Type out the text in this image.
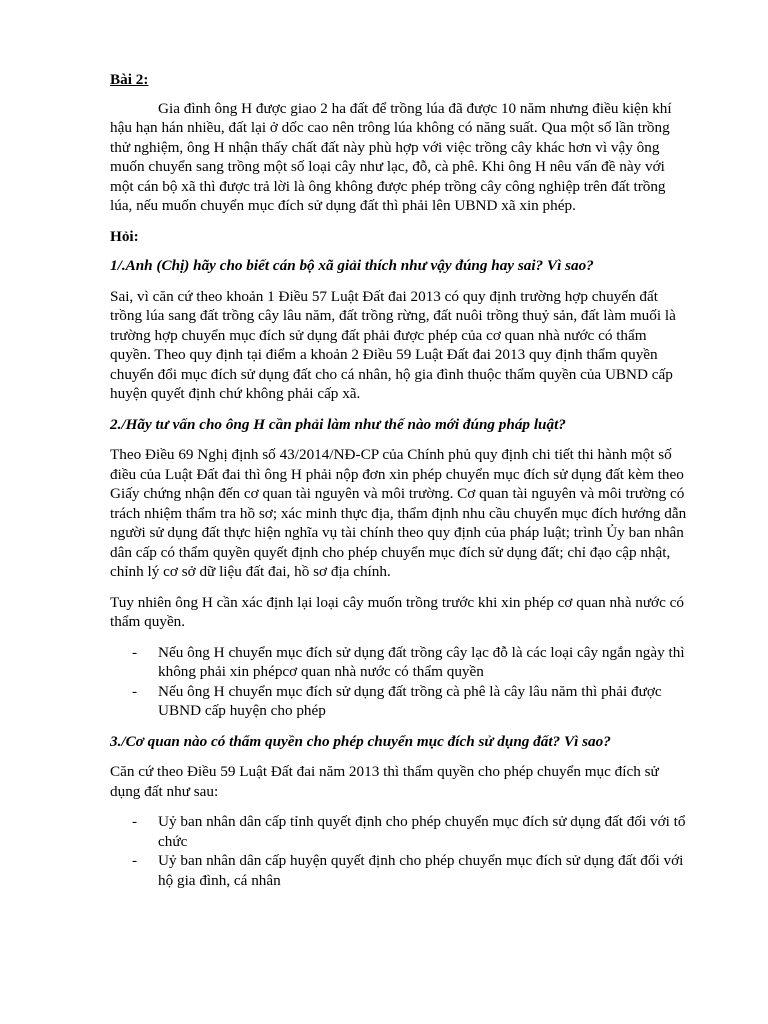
Bài 2:

Gia đình ông H được giao 2 ha đất để trồng lúa đã được 10 năm nhưng điều kiện khí hậu hạn hán nhiều, đất lại ở dốc cao nên trông lúa không có năng suất. Qua một số lần trồng thử nghiệm, ông H nhận thấy chất đất này phù hợp với việc trồng cây khác hơn vì vậy ông muốn chuyển sang trồng một số loại cây như lạc, đỗ, cà phê. Khi ông H nêu vấn đề này với một cán bộ xã thì được trả lời là ông không được phép trồng cây công nghiệp trên đất trồng lúa, nếu muốn chuyển mục đích sử dụng đất thì phải lên UBND xã xin phép.

Hỏi:

1/.Anh (Chị) hãy cho biết cán bộ xã giải thích như vậy đúng hay sai? Vì sao?

Sai, vì căn cứ theo khoản 1 Điều 57 Luật Đất đai 2013 có quy định trường hợp chuyển đất trồng lúa sang đất trồng cây lâu năm, đất trồng rừng, đất nuôi trồng thuỷ sản, đất làm muối là trường hợp chuyển mục đích sử dụng đất phải được phép của cơ quan nhà nước có thẩm quyền. Theo quy định tại điểm a khoản 2 Điều 59 Luật Đất đai 2013 quy định thẩm quyền chuyển đổi mục đích sử dụng đất cho cá nhân, hộ gia đình thuộc thẩm quyền của UBND cấp huyện quyết định chứ không phải cấp xã.

2./Hãy tư vấn cho ông H cần phải làm như thế nào mới đúng pháp luật?

Theo Điều 69 Nghị định số 43/2014/NĐ-CP của Chính phủ quy định chi tiết thi hành một số điều của Luật Đất đai thì ông H phải nộp đơn xin phép chuyển mục đích sử dụng đất kèm theo Giấy chứng nhận đến cơ quan tài nguyên và môi trường. Cơ quan tài nguyên và môi trường có trách nhiệm thẩm tra hồ sơ; xác minh thực địa, thẩm định nhu cầu chuyển mục đích hướng dẫn người sử dụng đất thực hiện nghĩa vụ tài chính theo quy định của pháp luật; trình Ủy ban nhân dân cấp có thẩm quyền quyết định cho phép chuyển mục đích sử dụng đất; chỉ đạo cập nhật, chỉnh lý cơ sở dữ liệu đất đai, hồ sơ địa chính.

Tuy nhiên ông H cần xác định lại loại cây muốn trồng trước khi xin phép cơ quan nhà nước có thẩm quyền.

- Nếu ông H chuyển mục đích sử dụng đất trồng cây lạc đỗ là các loại cây ngắn ngày thì không phải xin phépcơ quan nhà nước có thẩm quyền
- Nếu ông H chuyển mục đích sử dụng đất trồng cà phê là cây lâu năm thì phải được UBND cấp huyện cho phép

3./Cơ quan nào có thẩm quyền cho phép chuyển mục đích sử dụng đất? Vì sao?

Căn cứ theo Điều 59 Luật Đất đai năm 2013 thì thẩm quyền cho phép chuyển mục đích sử dụng đất như sau:

- Uỷ ban nhân dân cấp tỉnh quyết định cho phép chuyển mục đích sử dụng đất đối với tổ chức
- Uỷ ban nhân dân cấp huyện quyết định cho phép chuyển mục đích sử dụng đất đối với hộ gia đình, cá nhân
